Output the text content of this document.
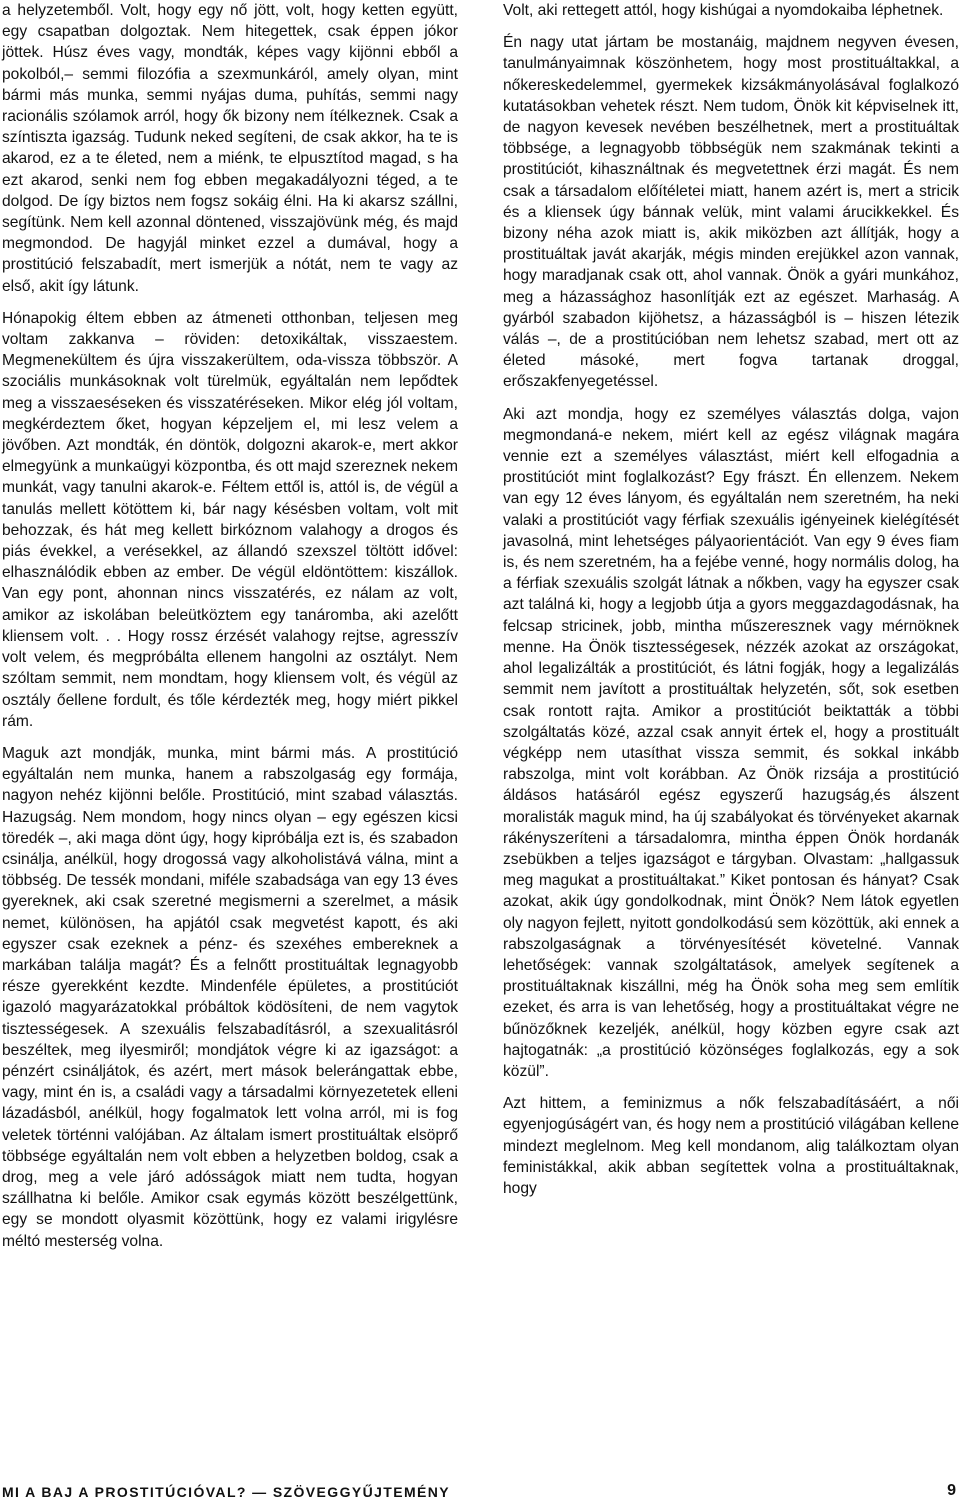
a helyzetemből. Volt, hogy egy nő jött, volt, hogy ketten együtt, egy csapatban dolgoztak. Nem hitegettek, csak éppen jókor jöttek. Húsz éves vagy, mondták, képes vagy kijönni ebből a pokolból,– semmi filozófia a szexmunkáról, amely olyan, mint bármi más munka, semmi nyájas duma, puhítás, semmi nagy racionális szólamok arról, hogy ők bizony nem ítélkeznek. Csak a színtiszta igazság. Tudunk neked segíteni, de csak akkor, ha te is akarod, ez a te életed, nem a miénk, te elpusztítod magad, s ha ezt akarod, senki nem fog ebben megakadályozni téged, a te dolgod. De így biztos nem fogsz sokáig élni. Ha ki akarsz szállni, segítünk. Nem kell azonnal döntened, visszajövünk még, és majd megmondod. De hagyjál minket ezzel a dumával, hogy a prostitúció felszabadít, mert ismerjük a nótát, nem te vagy az első, akit így látunk.

Hónapokig éltem ebben az átmeneti otthonban, teljesen meg voltam zakkanva – röviden: detoxikáltak, visszaestem. Megmenekültem és újra visszakerültem, oda-vissza többször. A szociális munkásoknak volt türelmük, egyáltalán nem lepődtek meg a visszaeséseken és visszatéréseken. Mikor elég jól voltam, megkérdeztem őket, hogyan képzeljem el, mi lesz velem a jövőben. Azt mondták, én döntök, dolgozni akarok-e, mert akkor elmegyünk a munkaügyi központba, és ott majd szereznek nekem munkát, vagy tanulni akarok-e. Féltem ettől is, attól is, de végül a tanulás mellett kötöttem ki, bár nagy késésben voltam, volt mit behozzak, és hát meg kellett birkóznom valahogy a drogos és piás évekkel, a verésekkel, az állandó szexszel töltött idővel: elhasználódik ebben az ember. De végül eldöntöttem: kiszállok. Van egy pont, ahonnan nincs visszatérés, ez nálam az volt, amikor az iskolában beleütköztem egy tanáromba, aki azelőtt kliensem volt. . . Hogy rossz érzését valahogy rejtse, agresszív volt velem, és megpróbálta ellenem hangolni az osztályt. Nem szóltam semmit, nem mondtam, hogy kliensem volt, és végül az osztály őellene fordult, és tőle kérdezték meg, hogy miért pikkel rám.

Maguk azt mondják, munka, mint bármi más. A prostitúció egyáltalán nem munka, hanem a rabszolgaság egy formája, nagyon nehéz kijönni belőle. Prostitúció, mint szabad választás. Hazugság. Nem mondom, hogy nincs olyan – egy egészen kicsi töredék –, aki maga dönt úgy, hogy kipróbálja ezt is, és szabadon csinálja, anélkül, hogy drogossá vagy alkoholistává válna, mint a többség. De tessék mondani, miféle szabadsága van egy 13 éves gyereknek, aki csak szeretné megismerni a szerelmet, a másik nemet, különösen, ha apjától csak megvetést kapott, és aki egyszer csak ezeknek a pénz- és szexéhes embereknek a markában találja magát? És a felnőtt prostituáltak legnagyobb része gyerekként kezdte. Mindenféle épületes, a prostitúciót igazoló magyarázatokkal próbáltok ködösíteni, de nem vagytok tisztességesek. A szexuális felszabadításról, a szexualitásról beszéltek, meg ilyesmiről; mondjátok végre ki az igazságot: a pénzért csináljátok, és azért, mert mások belerángattak ebbe, vagy, mint én is, a családi vagy a társadalmi környezetetek elleni lázadásból, anélkül, hogy fogalmatok lett volna arról, mi is fog veletek történni valójában. Az általam ismert prostituáltak elsöprő többsége egyáltalán nem volt ebben a helyzetben boldog, csak a drog, meg a vele járó adósságok miatt nem tudta, hogyan szállhatna ki belőle. Amikor csak egymás között beszélgettünk, egy se mondott olyasmit közöttünk, hogy ez valami irigylésre méltó mesterség volna.

Volt, aki rettegett attól, hogy kishúgai a nyomdokaiba léphetnek.

Én nagy utat jártam be mostanáig, majdnem negyven évesen, tanulmányaimnak köszönhetem, hogy most prostituáltakkal, a nőkereskedelemmel, gyermekek kizsákmányolásával foglalkozó kutatásokban vehetek részt. Nem tudom, Önök kit képviselnek itt, de nagyon kevesek nevében beszélhetnek, mert a prostituáltak többsége, a legnagyobb többségük nem szakmának tekinti a prostitúciót, kihasználtnak és megvetettnek érzi magát. És nem csak a társadalom előítéletei miatt, hanem azért is, mert a stricik és a kliensek úgy bánnak velük, mint valami árucikkekkel. És bizony néha azok miatt is, akik miközben azt állítják, hogy a prostituáltak javát akarják, mégis minden erejükkel azon vannak, hogy maradjanak csak ott, ahol vannak. Önök a gyári munkához, meg a házassághoz hasonlítják ezt az egészet. Marhaság. A gyárból szabadon kijöhetsz, a házasságból is – hiszen létezik válás –, de a prostitúcióban nem lehetsz szabad, mert ott az életed másoké, mert fogva tartanak droggal, erőszakfenyegetéssel.

Aki azt mondja, hogy ez személyes választás dolga, vajon megmondaná-e nekem, miért kell az egész világnak magára vennie ezt a személyes választást, miért kell elfogadnia a prostitúciót mint foglalkozást? Egy frászt. Én ellenzem. Nekem van egy 12 éves lányom, és egyáltalán nem szeretném, ha neki valaki a prostitúciót vagy férfiak szexuális igényeinek kielégítését javasolná, mint lehetséges pályaorientációt. Van egy 9 éves fiam is, és nem szeretném, ha a fejébe venné, hogy normális dolog, ha a férfiak szexuális szolgát látnak a nőkben, vagy ha egyszer csak azt találná ki, hogy a legjobb útja a gyors meggazdagodásnak, ha felcsap stricinek, jobb, mintha műszeresznek vagy mérnöknek menne. Ha Önök tisztességesek, nézzék azokat az országokat, ahol legalizálták a prostitúciót, és látni fogják, hogy a legalizálás semmit nem javított a prostituáltak helyzetén, sőt, sok esetben csak rontott rajta. Amikor a prostitúciót beiktatták a többi szolgáltatás közé, azzal csak annyit értek el, hogy a prostituált végképp nem utasíthat vissza semmit, és sokkal inkább rabszolga, mint volt korábban. Az Önök rizsája a prostitúció áldásos hatásáról egész egyszerű hazugság,és álszent moralisták maguk mind, ha új szabályokat és törvényeket akarnak rákényszeríteni a társadalomra, mintha éppen Önök hordanák zsebükben a teljes igazságot e tárgyban. Olvastam: „hallgassuk meg magukat a prostituáltakat.” Kiket pontosan és hányat? Csak azokat, akik úgy gondolkodnak, mint Önök? Nem látok egyetlen oly nagyon fejlett, nyitott gondolkodású sem közöttük, aki ennek a rabszolgaságnak a törvényesítését követelné. Vannak lehetőségek: vannak szolgáltatások, amelyek segítenek a prostituáltaknak kiszállni, még ha Önök soha meg sem említik ezeket, és arra is van lehetőség, hogy a prostituáltakat végre ne bűnözőknek kezeljék, anélkül, hogy közben egyre csak azt hajtogatnák: „a prostitúció közönséges foglalkozás, egy a sok közül”.

Azt hittem, a feminizmus a nők felszabadításáért, a női egyenjogúságért van, és hogy nem a prostitúció világában kellene mindezt meglelnom. Meg kell mondanom, alig találkoztam olyan feministákkal, akik abban segítettek volna a prostituáltaknak, hogy

MI A BAJ A PROSTITÚCIÓVAL? — SZÖVEGGYŰJTEMÉNY	9
